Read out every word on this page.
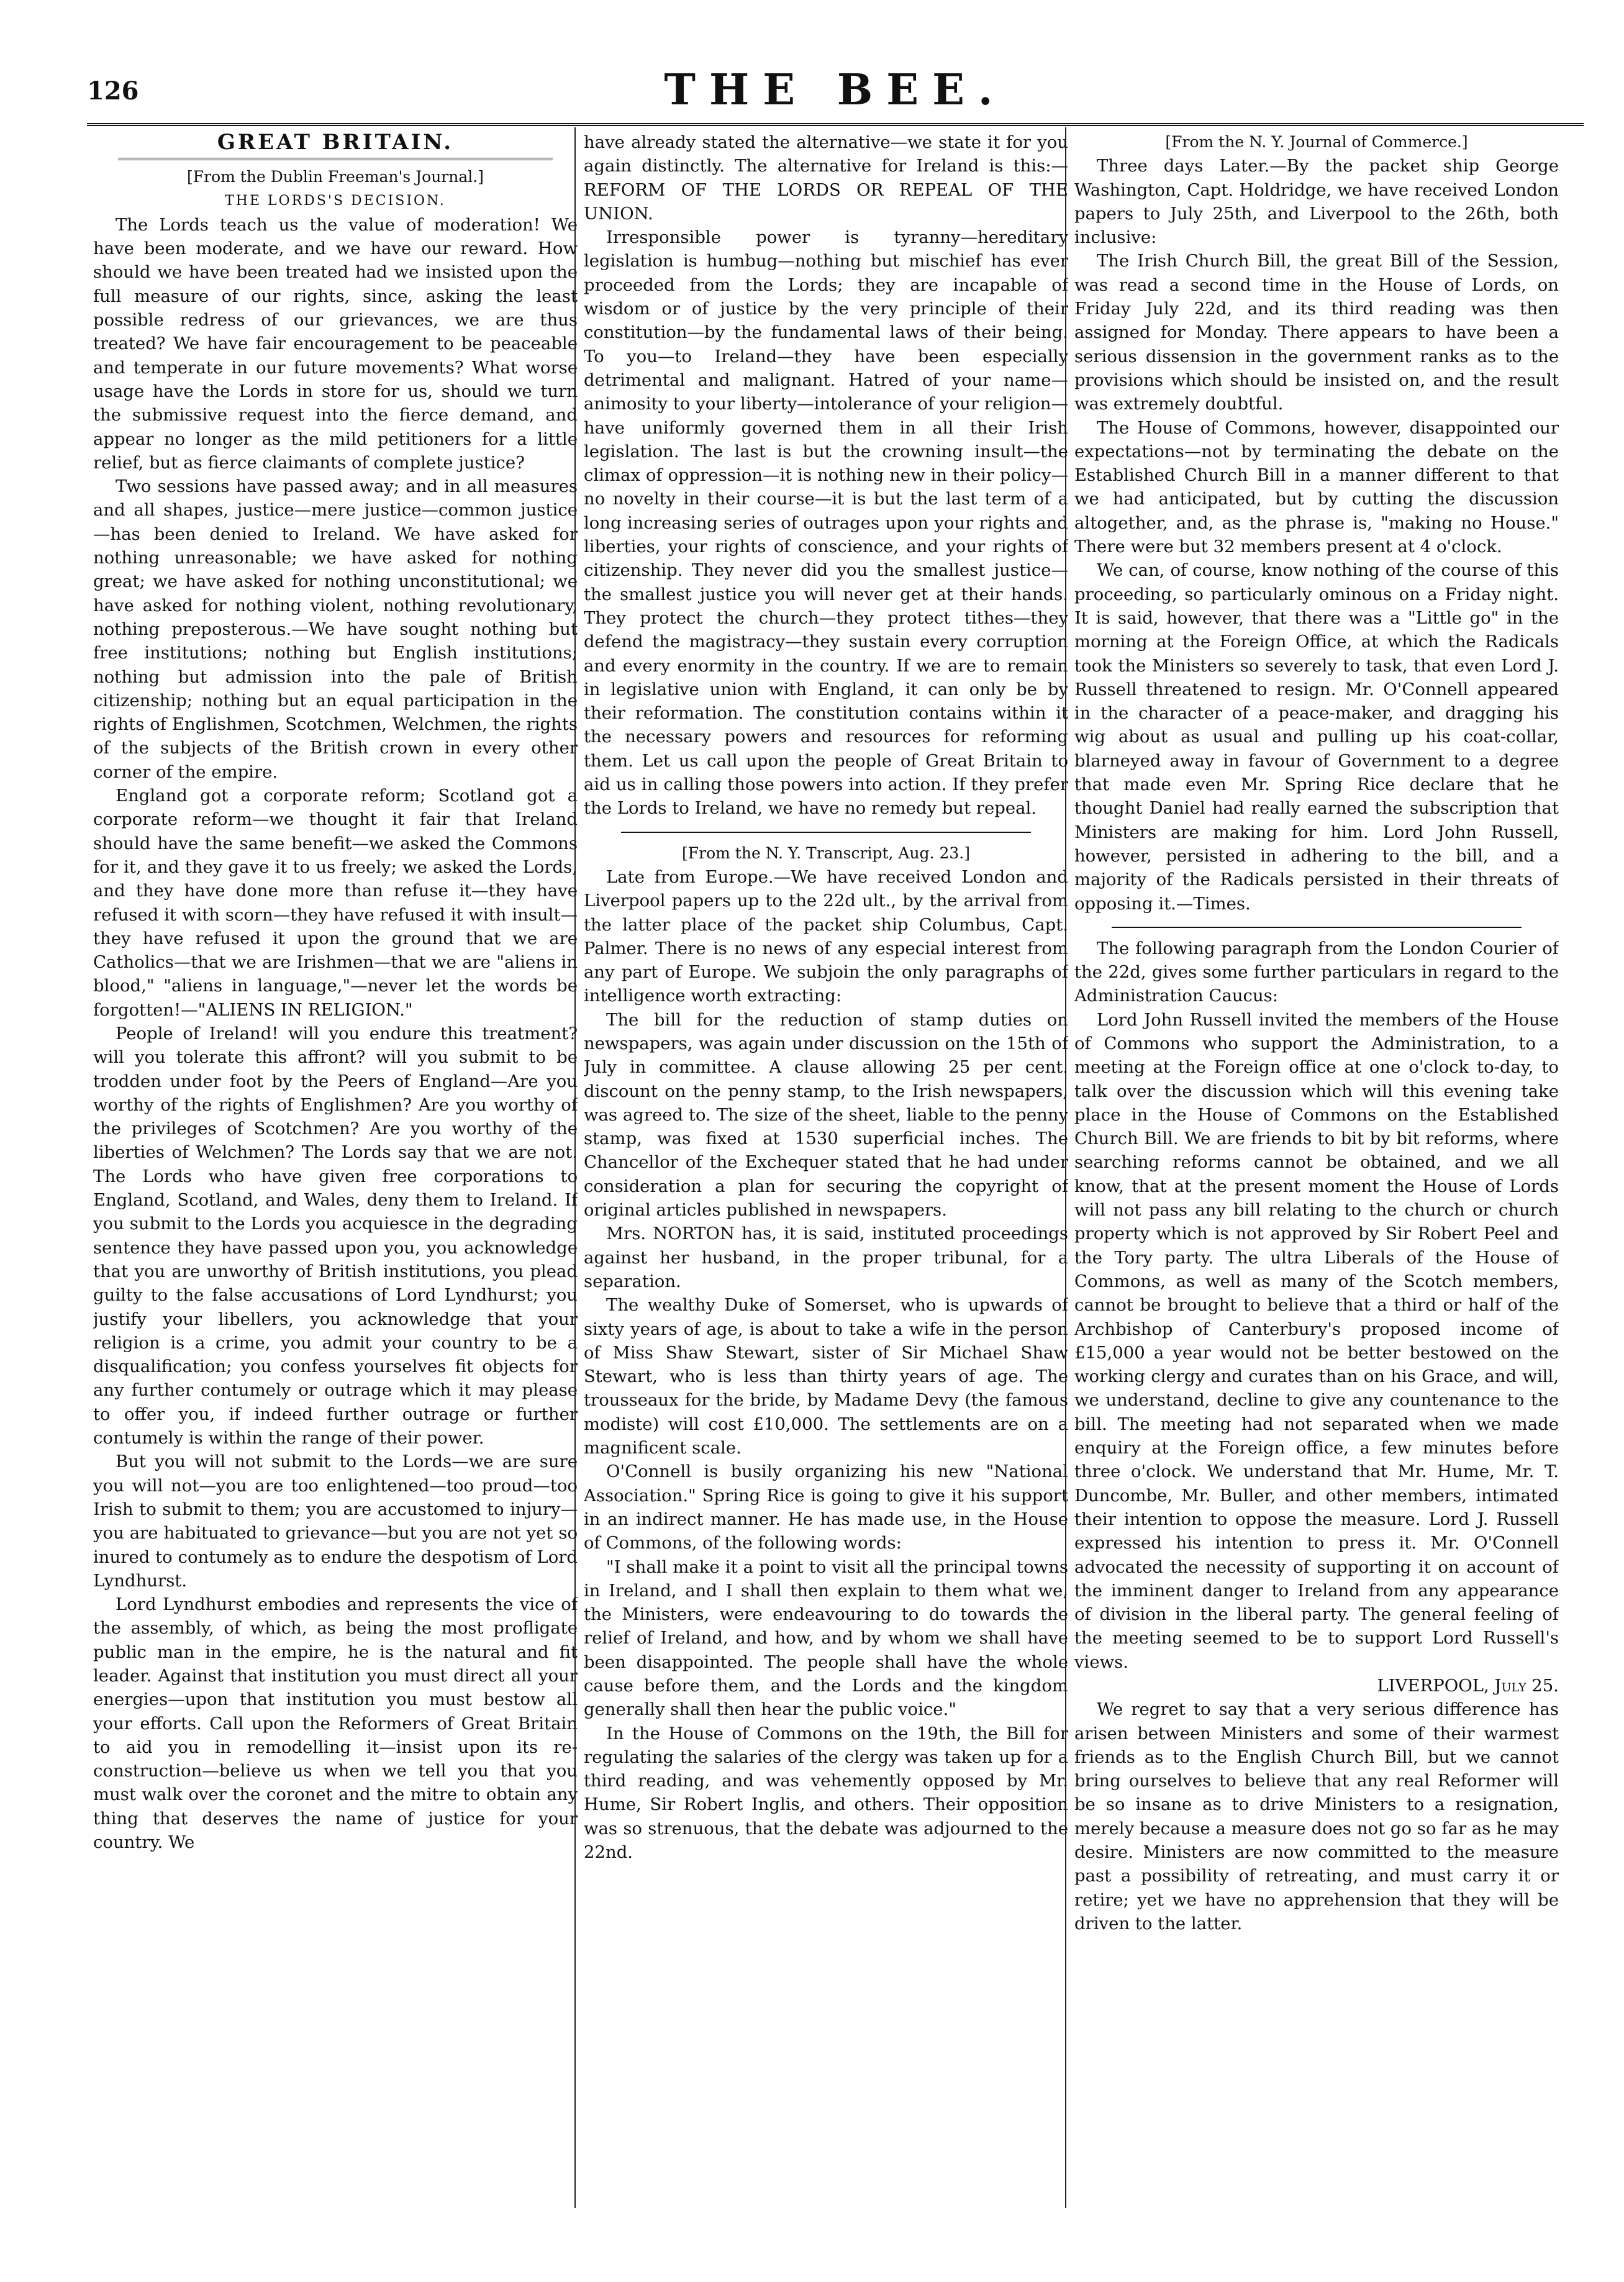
126	THE BEE.
GREAT BRITAIN.

[From the Dublin Freeman's Journal.]

THE LORDS'S DECISION.

The Lords teach us the value of moderation! We have been moderate, and we have our reward. How should we have been treated had we insisted upon the full measure of our rights, since, asking the least possible redress of our grievances, we are thus treated? We have fair encouragement to be peaceable and temperate in our future movements? What worse usage have the Lords in store for us, should we turn the submissive request into the fierce demand, and appear no longer as the mild petitioners for a little relief, but as fierce claimants of complete justice?

Two sessions have passed away; and in all measures and all shapes, justice—mere justice—common justice—has been denied to Ireland. We have asked for nothing unreasonable; we have asked for nothing great; we have asked for nothing unconstitutional; we have asked for nothing violent, nothing revolutionary, nothing preposterous.—We have sought nothing but free institutions; nothing but English institutions; nothing but admission into the pale of British citizenship; nothing but an equal participation in the rights of Englishmen, Scotchmen, Welchmen, the rights of the subjects of the British crown in every other corner of the empire.

England got a corporate reform; Scotland got a corporate reform—we thought it fair that Ireland should have the same benefit—we asked the Commons for it, and they gave it to us freely; we asked the Lords, and they have done more than refuse it—they have refused it with scorn—they have refused it with insult—they have refused it upon the ground that we are Catholics—that we are Irishmen—that we are "aliens in blood," "aliens in language,"—never let the words be forgotten!—"ALIENS IN RELIGION."

People of Ireland! will you endure this treatment? will you tolerate this affront? will you submit to be trodden under foot by the Peers of England—Are you worthy of the rights of Englishmen? Are you worthy of the privileges of Scotchmen? Are you worthy of the liberties of Welchmen? The Lords say that we are not. The Lords who have given free corporations to England, Scotland, and Wales, deny them to Ireland. If you submit to the Lords you acquiesce in the degrading sentence they have passed upon you, you acknowledge that you are unworthy of British institutions, you plead guilty to the false accusations of Lord Lyndhurst; you justify your libellers, you acknowledge that your religion is a crime, you admit your country to be a disqualification; you confess yourselves fit objects for any further contumely or outrage which it may please to offer you, if indeed further outrage or further contumely is within the range of their power.

But you will not submit to the Lords—we are sure you will not—you are too enlightened—too proud—too Irish to submit to them; you are accustomed to injury—you are habituated to grievance—but you are not yet so inured to contumely as to endure the despotism of Lord Lyndhurst.

Lord Lyndhurst embodies and represents the vice of the assembly, of which, as being the most profligate public man in the empire, he is the natural and fit leader. Against that institution you must direct all your energies—upon that institution you must bestow all your efforts. Call upon the Reformers of Great Britain to aid you in remodelling it—insist upon its re-construction—believe us when we tell you that you must walk over the coronet and the mitre to obtain any thing that deserves the name of justice for your country. We

have already stated the alternative—we state it for you again distinctly. The alternative for Ireland is this:—REFORM OF THE LORDS OR REPEAL OF THE UNION.

Irresponsible power is tyranny—hereditary legislation is humbug—nothing but mischief has ever proceeded from the Lords; they are incapable of wisdom or of justice by the very principle of their constitution—by the fundamental laws of their being. To you—to Ireland—they have been especially detrimental and malignant. Hatred of your name—animosity to your liberty—intolerance of your religion—have uniformly governed them in all their Irish legislation. The last is but the crowning insult—the climax of oppression—it is nothing new in their policy—no novelty in their course—it is but the last term of a long increasing series of outrages upon your rights and liberties, your rights of conscience, and your rights of citizenship. They never did you the smallest justice—the smallest justice you will never get at their hands. They protect the church—they protect tithes—they defend the magistracy—they sustain every corruption and every enormity in the country. If we are to remain in legislative union with England, it can only be by their reformation. The constitution contains within it the necessary powers and resources for reforming them. Let us call upon the people of Great Britain to aid us in calling those powers into action. If they prefer the Lords to Ireland, we have no remedy but repeal.

[From the N. Y. Transcript, Aug. 23.]

Late from Europe.—We have received London and Liverpool papers up to the 22d ult., by the arrival from the latter place of the packet ship Columbus, Capt. Palmer. There is no news of any especial interest from any part of Europe. We subjoin the only paragraphs of intelligence worth extracting:

The bill for the reduction of stamp duties on newspapers, was again under discussion on the 15th of July in committee. A clause allowing 25 per cent. discount on the penny stamp, to the Irish newspapers, was agreed to. The size of the sheet, liable to the penny stamp, was fixed at 1530 superficial inches. The Chancellor of the Exchequer stated that he had under consideration a plan for securing the copyright of original articles published in newspapers.

Mrs. NORTON has, it is said, instituted proceedings against her husband, in the proper tribunal, for a separation.

The wealthy Duke of Somerset, who is upwards of sixty years of age, is about to take a wife in the person of Miss Shaw Stewart, sister of Sir Michael Shaw Stewart, who is less than thirty years of age. The trousseaux for the bride, by Madame Devy (the famous modiste) will cost £10,000. The settlements are on a magnificent scale.

O'Connell is busily organizing his new "National Association." Spring Rice is going to give it his support in an indirect manner. He has made use, in the House of Commons, of the following words:

"I shall make it a point to visit all the principal towns in Ireland, and I shall then explain to them what we, the Ministers, were endeavouring to do towards the relief of Ireland, and how, and by whom we shall have been disappointed. The people shall have the whole cause before them, and the Lords and the kingdom generally shall then hear the public voice."

In the House of Commons on the 19th, the Bill for regulating the salaries of the clergy was taken up for a third reading, and was vehemently opposed by Mr. Hume, Sir Robert Inglis, and others. Their opposition was so strenuous, that the debate was adjourned to the 22nd.

[From the N. Y. Journal of Commerce.]

Three days Later.—By the packet ship George Washington, Capt. Holdridge, we have received London papers to July 25th, and Liverpool to the 26th, both inclusive:

The Irish Church Bill, the great Bill of the Session, was read a second time in the House of Lords, on Friday July 22d, and its third reading was then assigned for Monday. There appears to have been a serious dissension in the government ranks as to the provisions which should be insisted on, and the result was extremely doubtful.

The House of Commons, however, disappointed our expectations—not by terminating the debate on the Established Church Bill in a manner different to that we had anticipated, but by cutting the discussion altogether, and, as the phrase is, "making no House." There were but 32 members present at 4 o'clock.

We can, of course, know nothing of the course of this proceeding, so particularly ominous on a Friday night. It is said, however, that there was a "Little go" in the morning at the Foreign Office, at which the Radicals took the Ministers so severely to task, that even Lord J. Russell threatened to resign. Mr. O'Connell appeared in the character of a peace-maker, and dragging his wig about as usual and pulling up his coat-collar, blarneyed away in favour of Government to a degree that made even Mr. Spring Rice declare that he thought Daniel had really earned the subscription that Ministers are making for him. Lord John Russell, however, persisted in adhering to the bill, and a majority of the Radicals persisted in their threats of opposing it.—Times.

The following paragraph from the London Courier of the 22d, gives some further particulars in regard to the Administration Caucus:

Lord John Russell invited the members of the House of Commons who support the Administration, to a meeting at the Foreign office at one o'clock to-day, to talk over the discussion which will this evening take place in the House of Commons on the Established Church Bill. We are friends to bit by bit reforms, where searching reforms cannot be obtained, and we all know, that at the present moment the House of Lords will not pass any bill relating to the church or church property which is not approved by Sir Robert Peel and the Tory party. The ultra Liberals of the House of Commons, as well as many of the Scotch members, cannot be brought to believe that a third or half of the Archbishop of Canterbury's proposed income of £15,000 a year would not be better bestowed on the working clergy and curates than on his Grace, and will, we understand, decline to give any countenance to the bill. The meeting had not separated when we made enquiry at the Foreign office, a few minutes before three o'clock. We understand that Mr. Hume, Mr. T. Duncombe, Mr. Buller, and other members, intimated their intention to oppose the measure. Lord J. Russell expressed his intention to press it. Mr. O'Connell advocated the necessity of supporting it on account of the imminent danger to Ireland from any appearance of division in the liberal party. The general feeling of the meeting seemed to be to support Lord Russell's views.

LIVERPOOL, July 25.

We regret to say that a very serious difference has arisen between Ministers and some of their warmest friends as to the English Church Bill, but we cannot bring ourselves to believe that any real Reformer will be so insane as to drive Ministers to a resignation, merely because a measure does not go so far as he may desire. Ministers are now committed to the measure past a possibility of retreating, and must carry it or retire; yet we have no apprehension that they will be driven to the latter.
